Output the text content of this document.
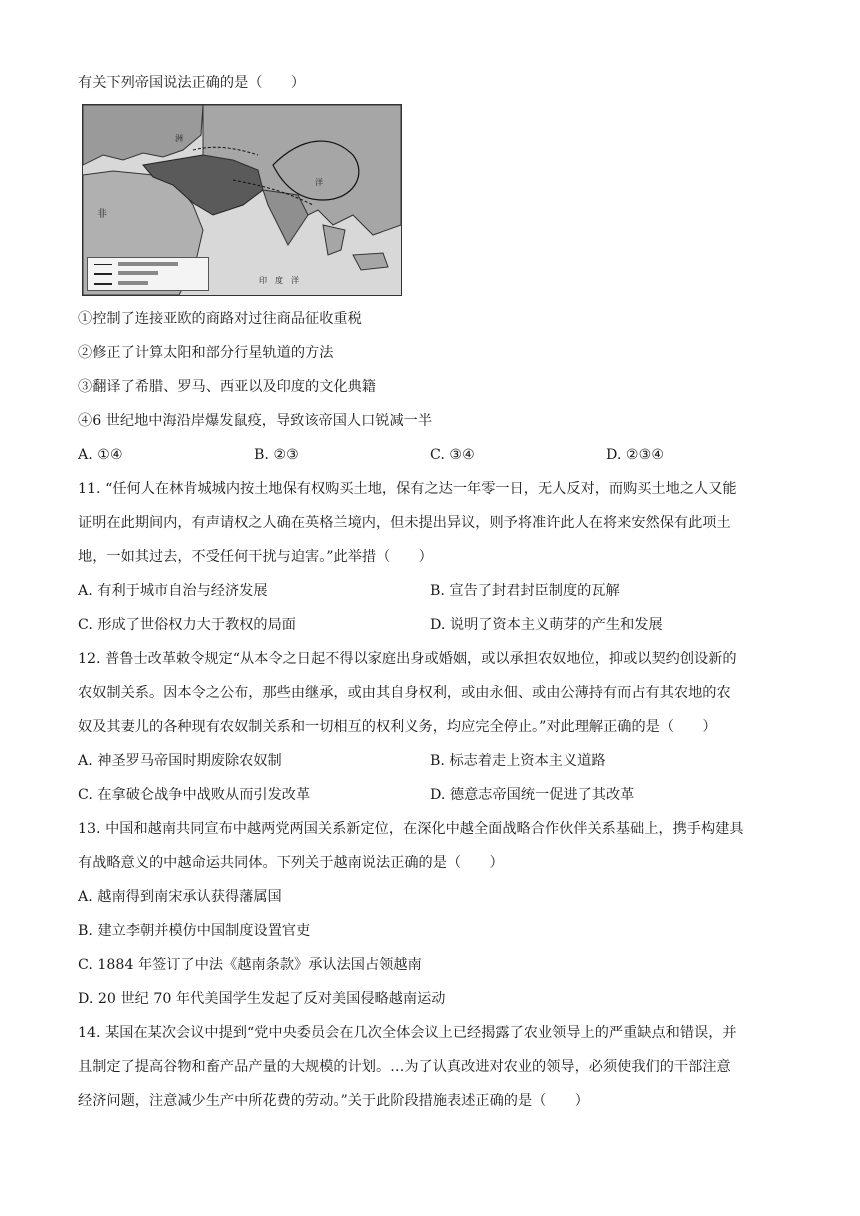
有关下列帝国说法正确的是（　　）
洲
洋
印　度　洋
非
①控制了连接亚欧的商路对过往商品征收重税
②修正了计算太阳和部分行星轨道的方法
③翻译了希腊、罗马、西亚以及印度的文化典籍
④6 世纪地中海沿岸爆发鼠疫，导致该帝国人口锐减一半
A. ①④	B. ②③	C. ③④	D. ②③④
11. “任何人在林肯城城内按土地保有权购买土地，保有之达一年零一日，无人反对，而购买土地之人又能
证明在此期间内，有声请权之人确在英格兰境内，但未提出异议，则予将准许此人在将来安然保有此项土
地，一如其过去，不受任何干扰与迫害。”此举措（　　）
A. 有利于城市自治与经济发展	B. 宣告了封君封臣制度的瓦解
C. 形成了世俗权力大于教权的局面	D. 说明了资本主义萌芽的产生和发展
12. 普鲁士改革敕令规定“从本令之日起不得以家庭出身或婚姻，或以承担农奴地位，抑或以契约创设新的
农奴制关系。因本令之公布，那些由继承，或由其自身权利，或由永佃、或由公薄持有而占有其农地的农
奴及其妻儿的各种现有农奴制关系和一切相互的权利义务，均应完全停止。”对此理解正确的是（　　）
A. 神圣罗马帝国时期废除农奴制	B. 标志着走上资本主义道路
C. 在拿破仑战争中战败从而引发改革	D. 德意志帝国统一促进了其改革
13. 中国和越南共同宣布中越两党两国关系新定位，在深化中越全面战略合作伙伴关系基础上，携手构建具
有战略意义的中越命运共同体。下列关于越南说法正确的是（　　）
A. 越南得到南宋承认获得藩属国
B. 建立李朝并模仿中国制度设置官吏
C. 1884 年签订了中法《越南条款》承认法国占领越南
D. 20 世纪 70 年代美国学生发起了反对美国侵略越南运动
14. 某国在某次会议中提到“党中央委员会在几次全体会议上已经揭露了农业领导上的严重缺点和错误，并
且制定了提高谷物和畜产品产量的大规模的计划。…为了认真改进对农业的领导，必须使我们的干部注意
经济问题，注意减少生产中所花费的劳动。”关于此阶段措施表述正确的是（　　）
